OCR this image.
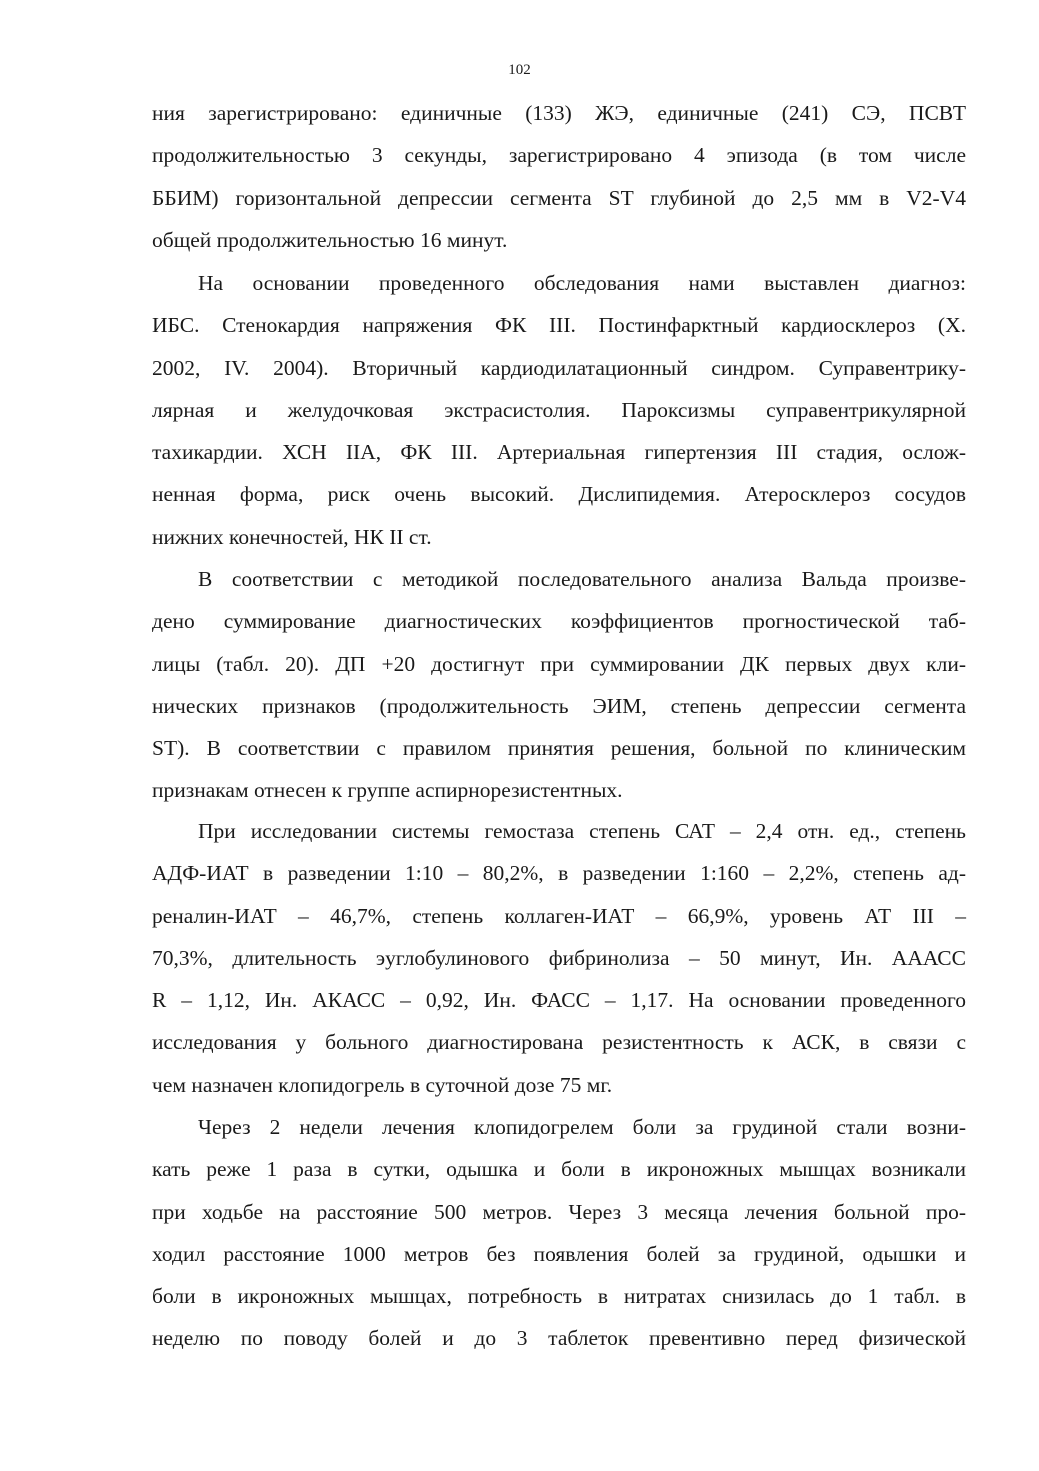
102
ния зарегистрировано: единичные (133) ЖЭ, единичные (241) СЭ, ПСВТ
продолжительностью 3 секунды, зарегистрировано 4 эпизода (в том числе
ББИМ) горизонтальной депрессии сегмента ST глубиной до 2,5 мм в V2-V4
общей продолжительностью 16 минут.
На основании проведенного обследования нами выставлен диагноз:
ИБС. Стенокардия напряжения ФК III. Постинфарктный кардиосклероз (X.
2002, IV. 2004). Вторичный кардиодилатационный синдром. Суправентрику-
лярная и желудочковая экстрасистолия. Пароксизмы суправентрикулярной
тахикардии. ХСН IIА, ФК III. Артериальная гипертензия III стадия, ослож-
ненная форма, риск очень высокий. Дислипидемия. Атеросклероз сосудов
нижних конечностей, НК II ст.
В соответствии с методикой последовательного анализа Вальда произве-
дено суммирование диагностических коэффициентов прогностической таб-
лицы (табл. 20). ДП +20 достигнут при суммировании ДК первых двух кли-
нических признаков (продолжительность ЭИМ, степень депрессии сегмента
ST). В соответствии с правилом принятия решения, больной по клиническим
признакам отнесен к группе аспирнорезистентных.
При исследовании системы гемостаза степень САТ – 2,4 отн. ед., степень
АДФ-ИАТ в разведении 1:10 – 80,2%, в разведении 1:160 – 2,2%, степень ад-
реналин-ИАТ – 46,7%, степень коллаген-ИАТ – 66,9%, уровень АТ III –
70,3%, длительность эуглобулинового фибринолиза – 50 минут, Ин. АААСС
R – 1,12, Ин. АКАСС – 0,92, Ин. ФАСС – 1,17. На основании проведенного
исследования у больного диагностирована резистентность к АСК, в связи с
чем назначен клопидогрель в суточной дозе 75 мг.
Через 2 недели лечения клопидогрелем боли за грудиной стали возни-
кать реже 1 раза в сутки, одышка и боли в икроножных мышцах возникали
при ходьбе на расстояние 500 метров. Через 3 месяца лечения больной про-
ходил расстояние 1000 метров без появления болей за грудиной, одышки и
боли в икроножных мышцах, потребность в нитратах снизилась до 1 табл. в
неделю по поводу болей и до 3 таблеток превентивно перед физической
